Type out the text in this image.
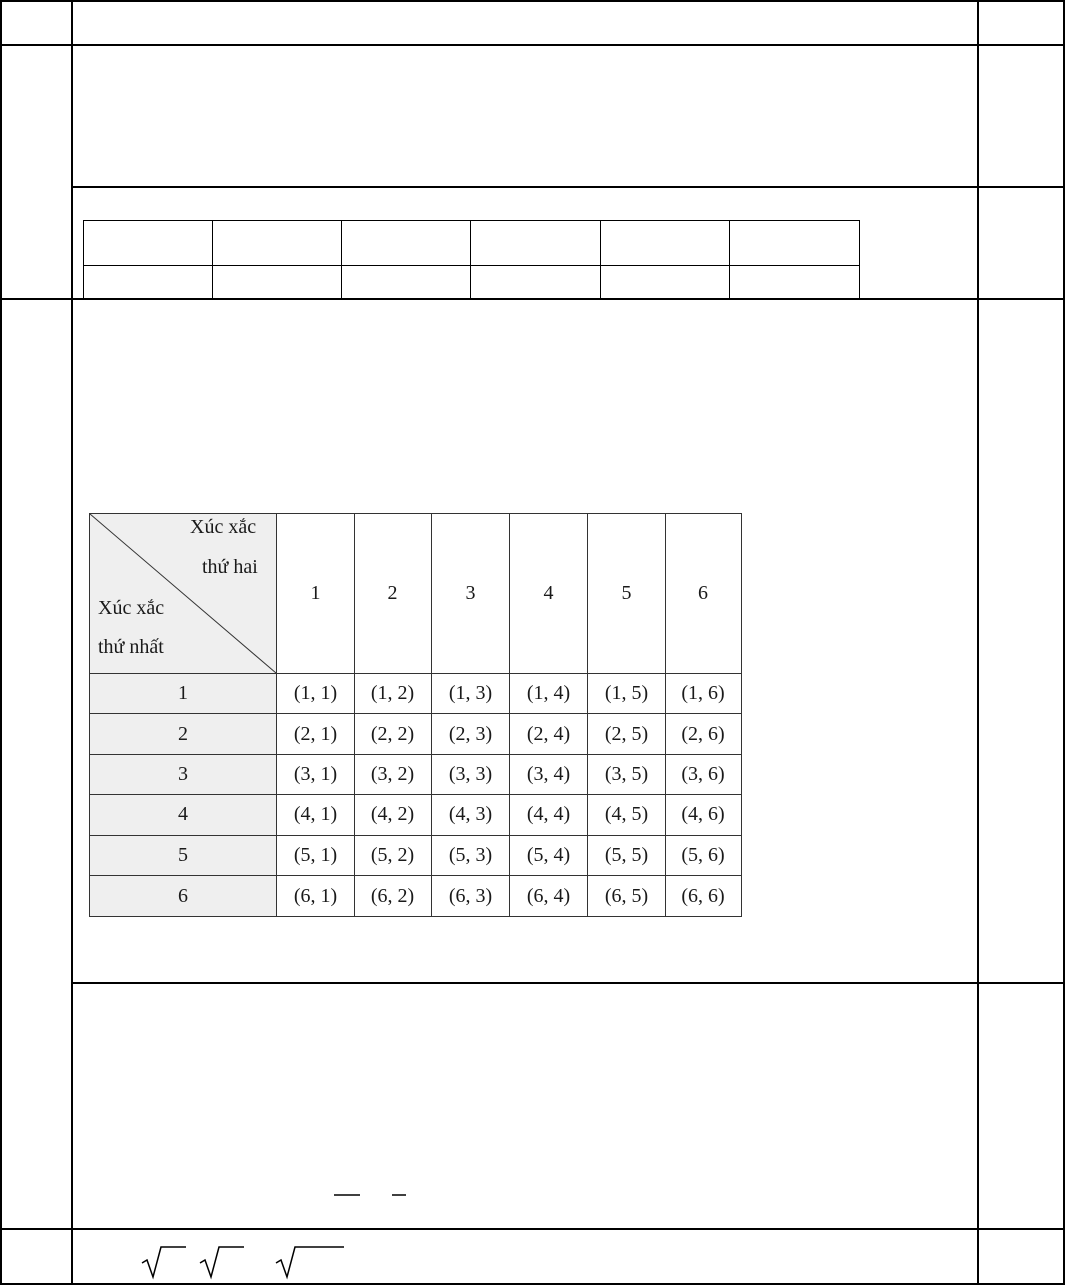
Xúc xắc
thứ hai
Xúc xắc
thứ nhất
1	2	3	4	5	6
1	(1, 1)	(1, 2)	(1, 3)	(1, 4)	(1, 5)	(1, 6)
2	(2, 1)	(2, 2)	(2, 3)	(2, 4)	(2, 5)	(2, 6)
3	(3, 1)	(3, 2)	(3, 3)	(3, 4)	(3, 5)	(3, 6)
4	(4, 1)	(4, 2)	(4, 3)	(4, 4)	(4, 5)	(4, 6)
5	(5, 1)	(5, 2)	(5, 3)	(5, 4)	(5, 5)	(5, 6)
6	(6, 1)	(6, 2)	(6, 3)	(6, 4)	(6, 5)	(6, 6)
